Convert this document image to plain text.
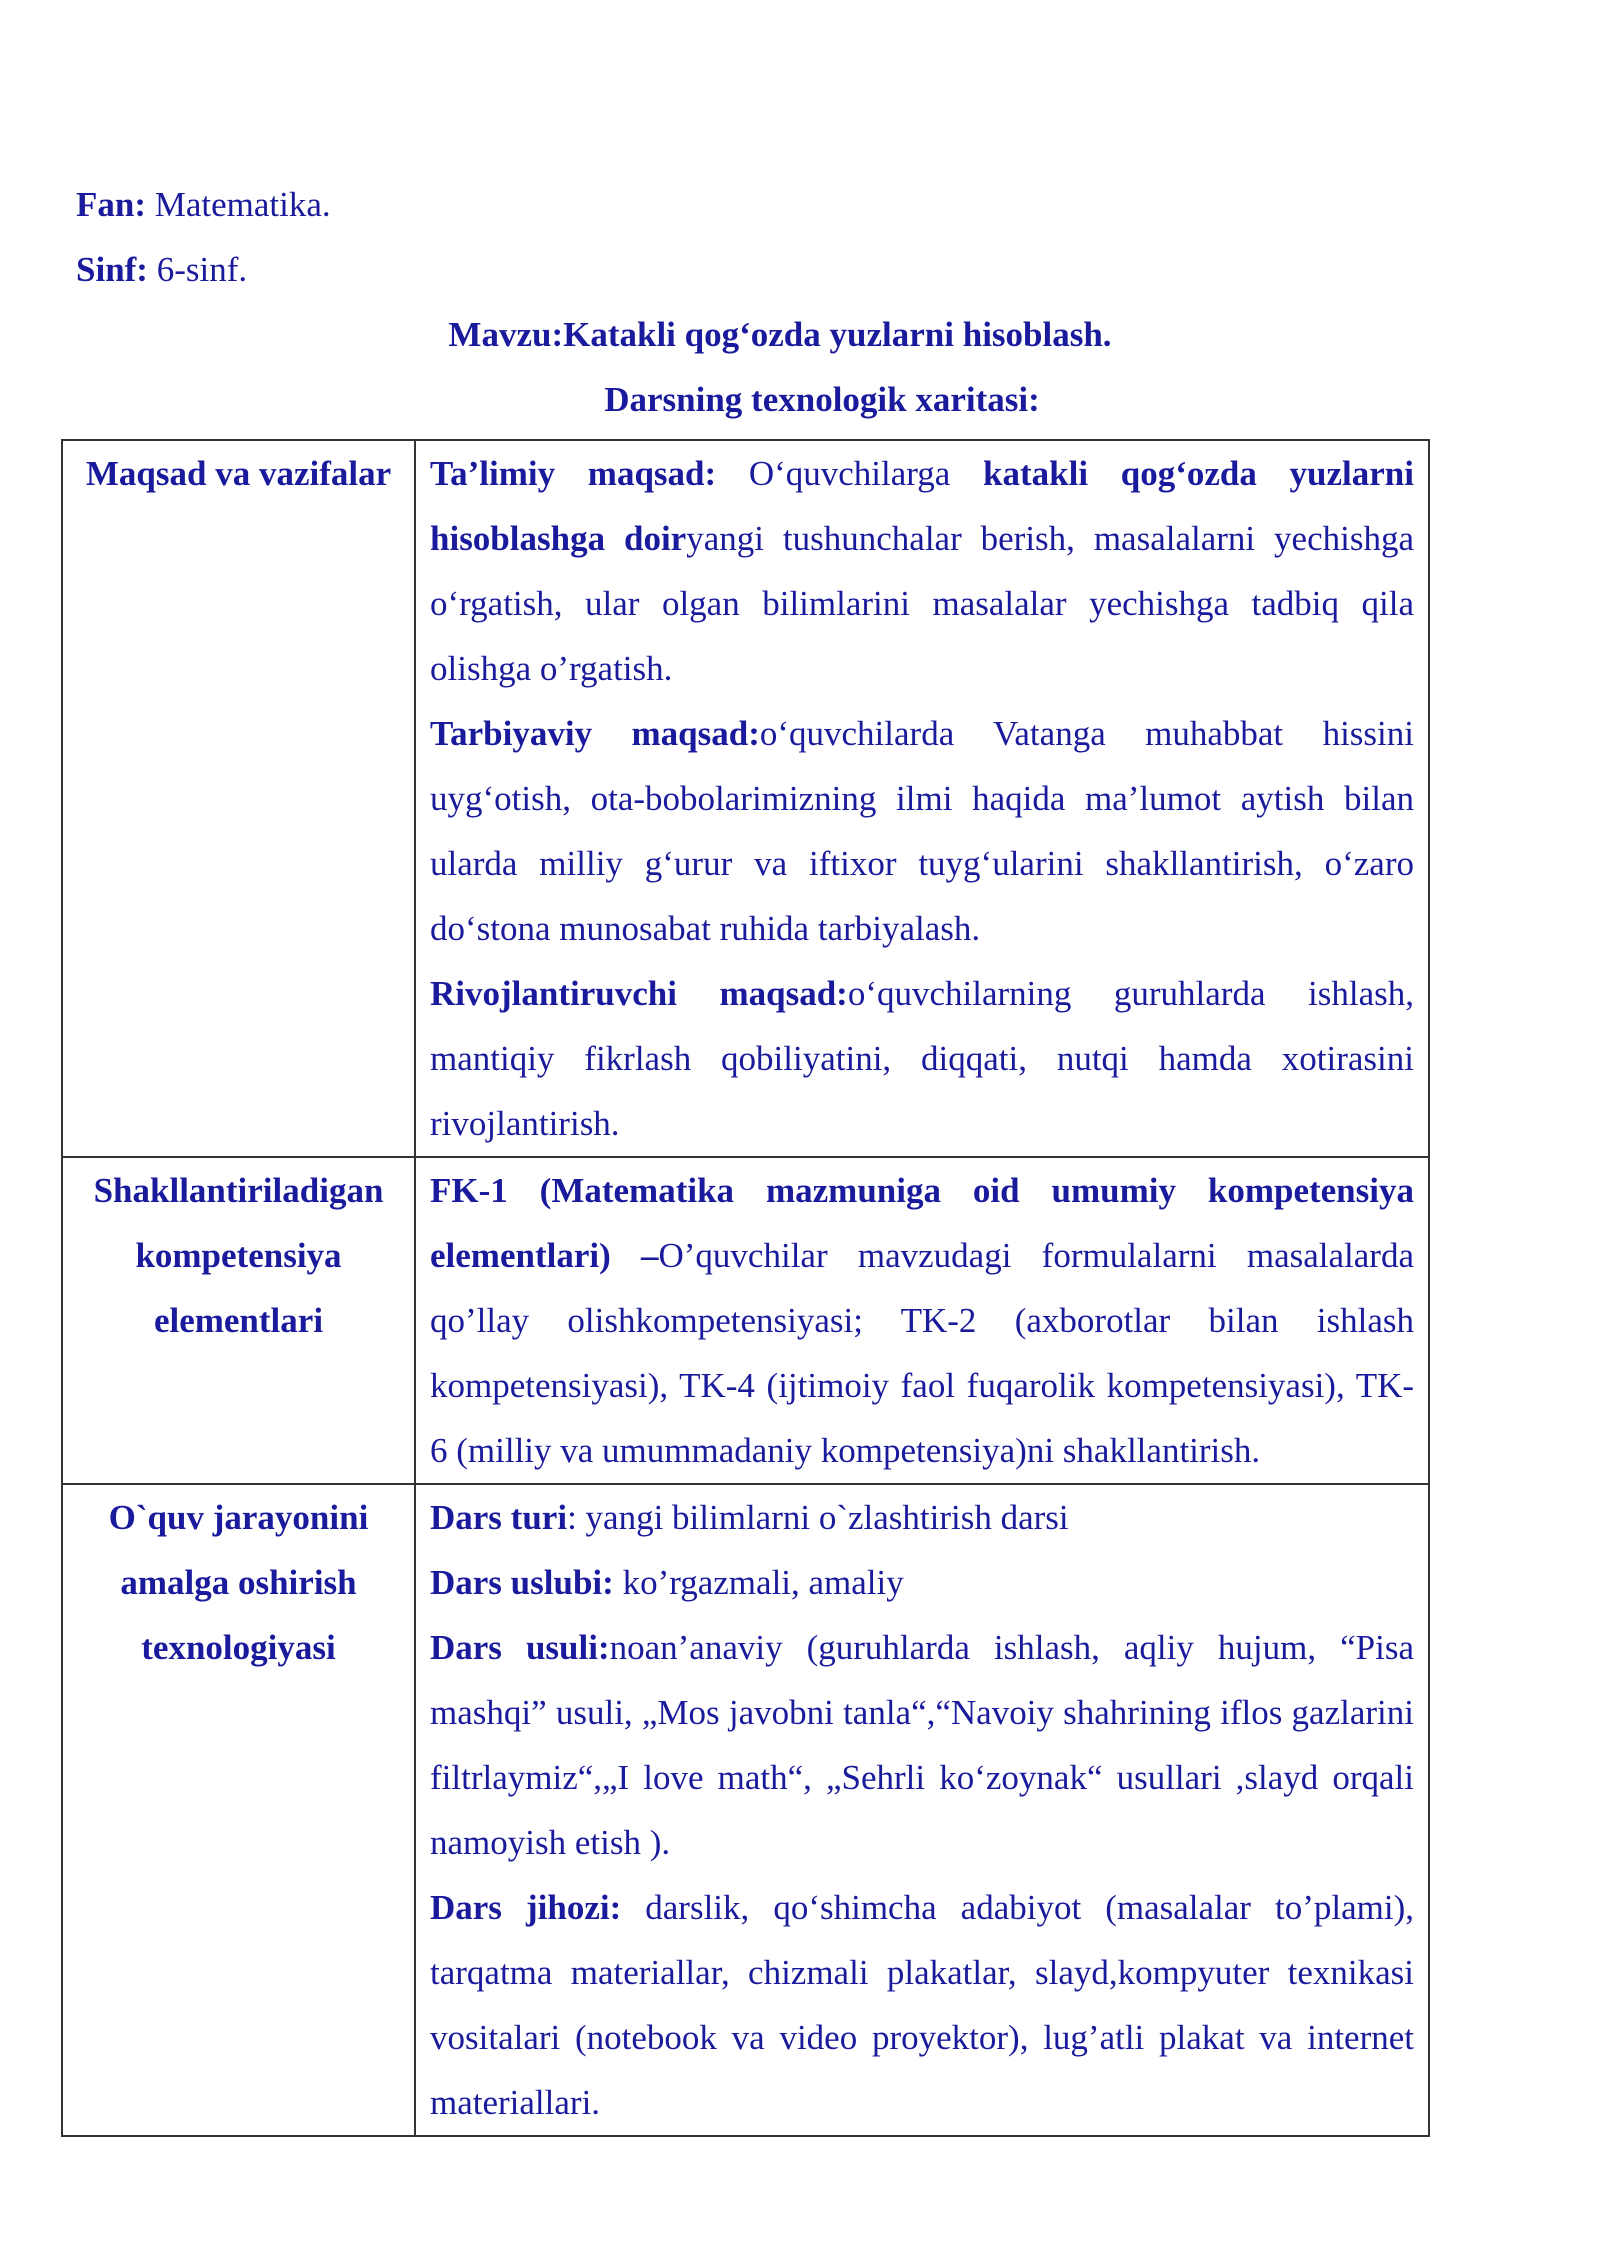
Fan: Matematika.
Sinf: 6-sinf.
Mavzu:Katakli qog‘ozda yuzlarni hisoblash.
Darsning texnologik xaritasi:
Maqsad va vazifalar	Ta’limiy maqsad: O‘quvchilarga katakli qog‘ozda yuzlarni hisoblashga doiryangi tushunchalar berish, masalalarni yechishga o‘rgatish, ular olgan bilimlarini masalalar yechishga tadbiq qila olishga o’rgatish.

Tarbiyaviy maqsad:o‘quvchilarda Vatanga muhabbat hissini uyg‘otish, ota-bobolarimizning ilmi haqida ma’lumot aytish bilan ularda milliy g‘urur va iftixor tuyg‘ularini shakllantirish, o‘zaro do‘stona munosabat ruhida tarbiyalash.

Rivojlantiruvchi maqsad:o‘quvchilarning guruhlarda ishlash, mantiqiy fikrlash qobiliyatini, diqqati, nutqi hamda xotirasini rivojlantirish.

Shakllantiriladigan kompetensiya elementlari	FK-1 (Matematika mazmuniga oid umumiy kompetensiya elementlari) –O’quvchilar mavzudagi formulalarni masalalarda qo’llay olishkompetensiyasi; TK-2 (axborotlar bilan ishlash kompetensiyasi), TK-4 (ijtimoiy faol fuqarolik kompetensiyasi), TK-6 (milliy va umummadaniy kompetensiya)ni shakllantirish.

O`quv jarayonini amalga oshirish texnologiyasi	Dars turi: yangi bilimlarni o`zlashtirish darsi

Dars uslubi: ko’rgazmali, amaliy

Dars usuli:noan’anaviy (guruhlarda ishlash, aqliy hujum, “Pisa mashqi” usuli, „Mos javobni tanla“,“Navoiy shahrining iflos gazlarini filtrlaymiz“,„I love math“, „Sehrli ko‘zoynak“ usullari ,slayd orqali namoyish etish ).

Dars jihozi: darslik, qo‘shimcha adabiyot (masalalar to’plami), tarqatma materiallar, chizmali plakatlar, slayd,kompyuter texnikasi vositalari (notebook va video proyektor), lug’atli plakat va internet materiallari.
